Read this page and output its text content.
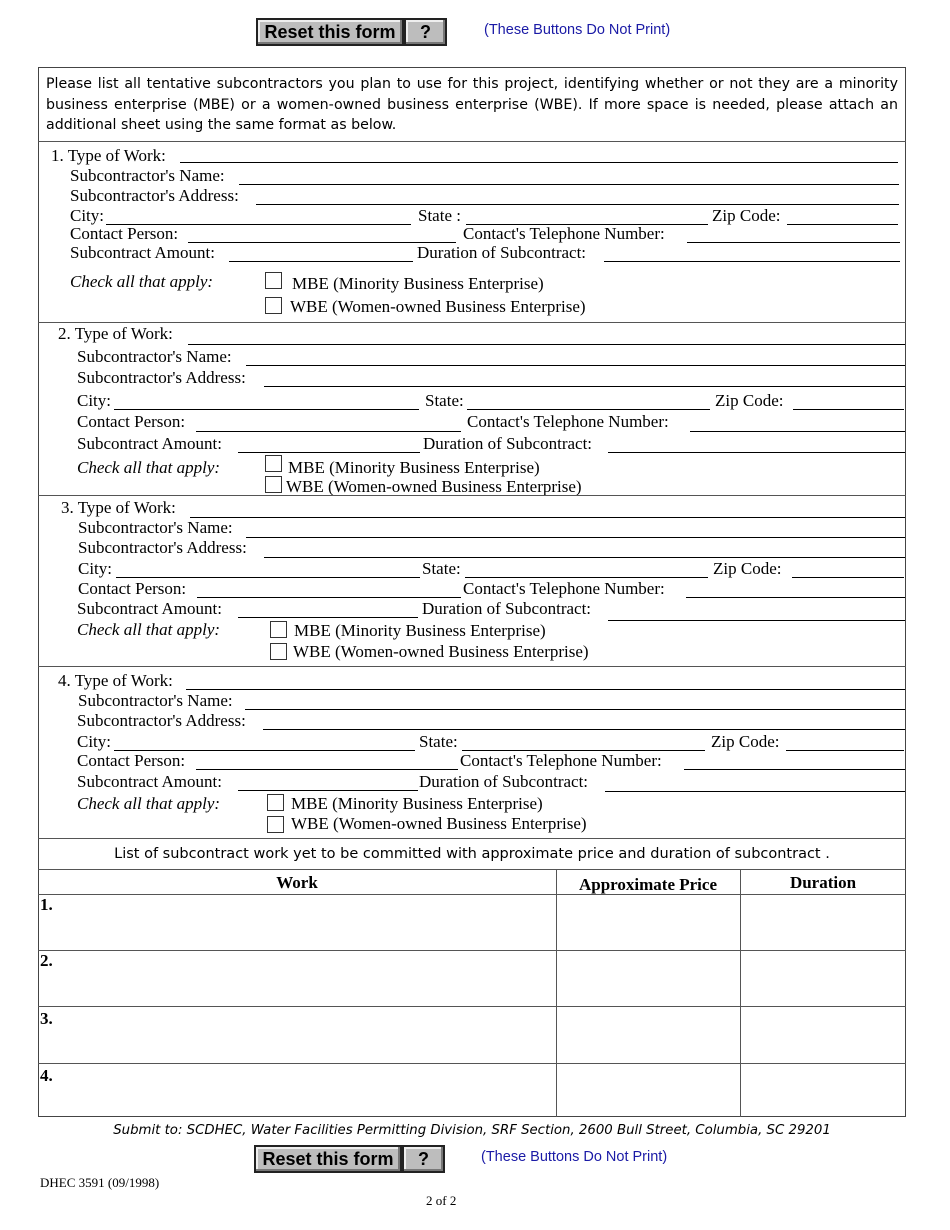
Reset this form	?	(These Buttons Do Not Print)
Please list all tentative subcontractors you plan to use for this project, identifying whether or not they are a minority business enterprise (MBE) or a women-owned business enterprise (WBE). If more space is needed, please attach an additional sheet using the same format as below.
1. Type of Work:
Subcontractor's Name:
Subcontractor's Address:
City:	State :	Zip Code:
Contact Person:	Contact's Telephone Number:
Subcontract Amount:	Duration of Subcontract:
Check all that apply:	MBE (Minority Business Enterprise)
WBE (Women-owned Business Enterprise)
2. Type of Work:
Subcontractor's Name:
Subcontractor's Address:
City:	State:	Zip Code:
Contact Person:	Contact's Telephone Number:
Subcontract Amount:	Duration of Subcontract:
Check all that apply:	MBE (Minority Business Enterprise)
WBE (Women-owned Business Enterprise)
3. Type of Work:
Subcontractor's Name:
Subcontractor's Address:
City:	State:	Zip Code:
Contact Person:	Contact's Telephone Number:
Subcontract Amount:	Duration of Subcontract:
Check all that apply:	MBE (Minority Business Enterprise)
WBE (Women-owned Business Enterprise)
4. Type of Work:
Subcontractor's Name:
Subcontractor's Address:
City:	State:	Zip Code:
Contact Person:	Contact's Telephone Number:
Subcontract Amount:	Duration of Subcontract:
Check all that apply:	MBE (Minority Business Enterprise)
WBE (Women-owned Business Enterprise)
List of subcontract work yet to be committed with approximate price and duration of subcontract .
Work	Approximate Price	Duration
1.
2.
3.
4.
Submit to: SCDHEC, Water Facilities Permitting Division, SRF Section, 2600 Bull Street, Columbia, SC 29201
Reset this form	?	(These Buttons Do Not Print)
DHEC 3591 (09/1998)
2 of 2
